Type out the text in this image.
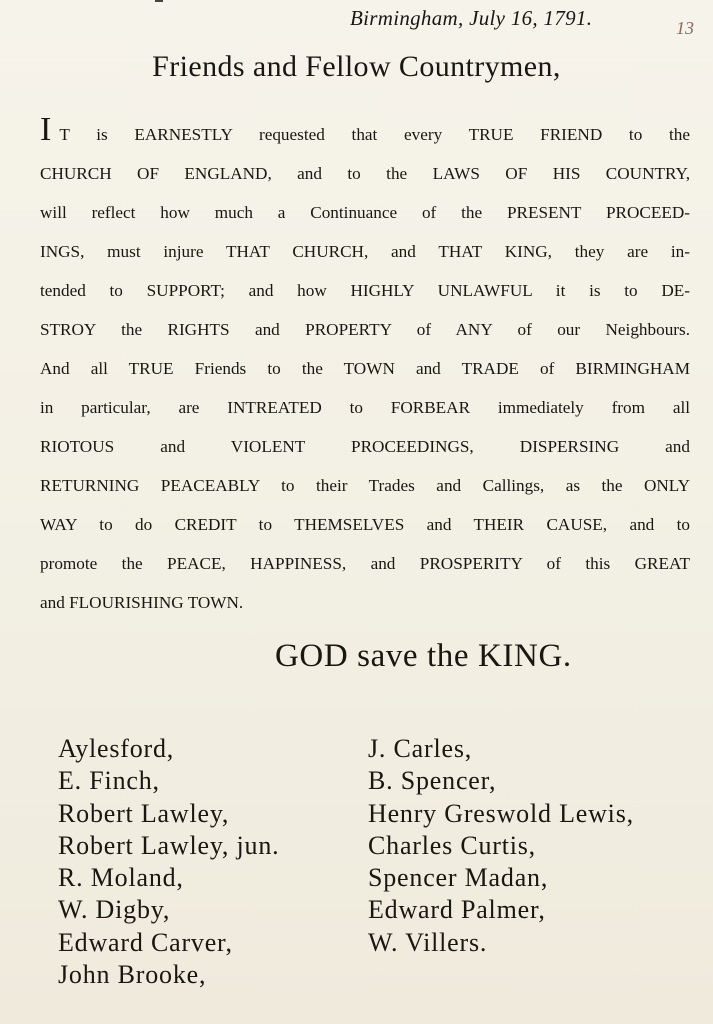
Birmingham, July 16, 1791.	13
Friends and Fellow Countrymen,
I T is EARNESTLY requested that every TRUE FRIEND to the
CHURCH OF ENGLAND, and to the LAWS OF HIS COUNTRY,
will reflect how much a Continuance of the PRESENT PROCEED-
INGS, must injure THAT CHURCH, and THAT KING, they are in-
tended to SUPPORT; and how HIGHLY UNLAWFUL it is to DE-
STROY the RIGHTS and PROPERTY of ANY of our Neighbours.
And all TRUE Friends to the TOWN and TRADE of BIRMINGHAM
in particular, are INTREATED to FORBEAR immediately from all
RIOTOUS and VIOLENT PROCEEDINGS, DISPERSING and
RETURNING PEACEABLY to their Trades and Callings, as the ONLY
WAY to do CREDIT to THEMSELVES and THEIR CAUSE, and to
promote the PEACE, HAPPINESS, and PROSPERITY of this GREAT
and FLOURISHING TOWN.
GOD save the KING.
Aylesford,
E. Finch,
Robert Lawley,
Robert Lawley, jun.
R. Moland,
W. Digby,
Edward Carver,
John Brooke,
J. Carles,
B. Spencer,
Henry Greswold Lewis,
Charles Curtis,
Spencer Madan,
Edward Palmer,
W. Villers.
